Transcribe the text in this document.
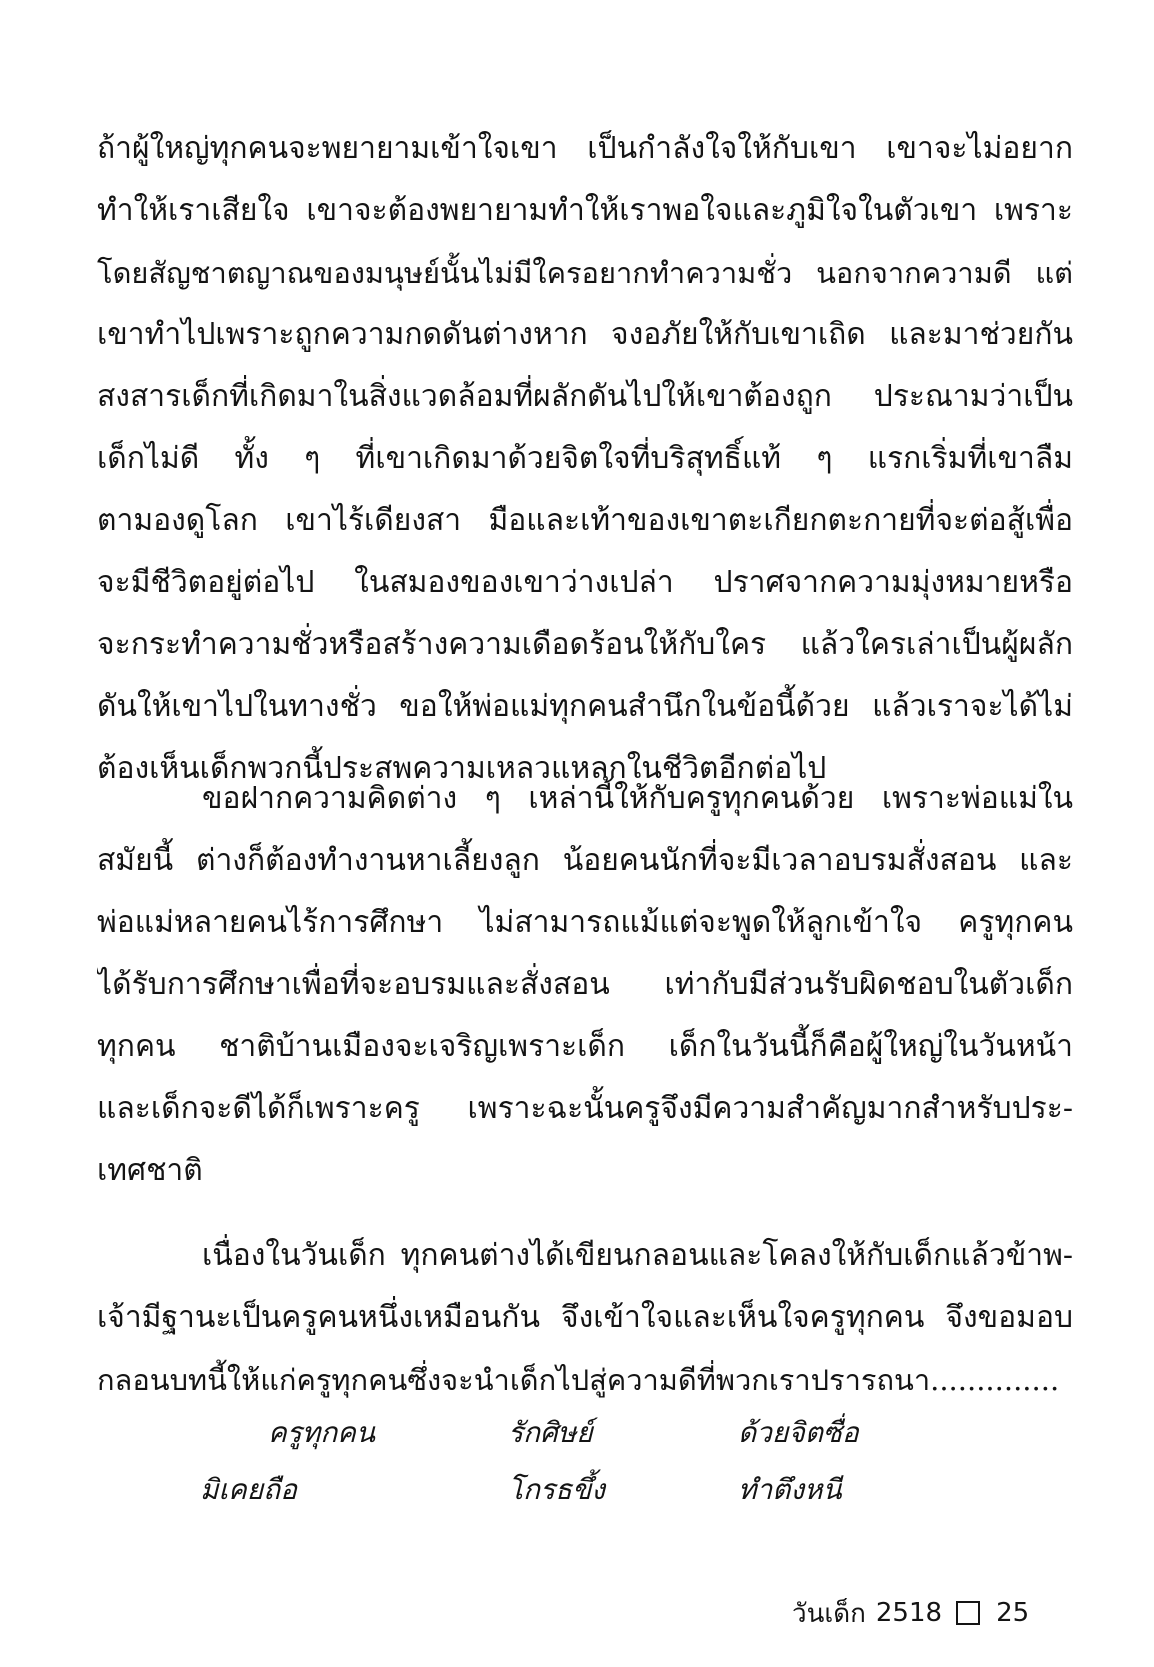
ถ้าผู้ใหญ่ทุกคนจะพยายามเข้าใจเขา เป็นกำลังใจให้กับเขา เขาจะไม่อยาก
ทำให้เราเสียใจ เขาจะต้องพยายามทำให้เราพอใจและภูมิใจในตัวเขา เพราะ
โดยสัญชาตญาณของมนุษย์นั้นไม่มีใครอยากทำความชั่ว นอกจากความดี แต่
เขาทำไปเพราะถูกความกดดันต่างหาก จงอภัยให้กับเขาเถิด และมาช่วยกัน
สงสารเด็กที่เกิดมาในสิ่งแวดล้อมที่ผลักดันไปให้เขาต้องถูก ประณามว่าเป็น
เด็กไม่ดี ทั้ง ๆ ที่เขาเกิดมาด้วยจิตใจที่บริสุทธิ์แท้ ๆ แรกเริ่มที่เขาลืม
ตามองดูโลก เขาไร้เดียงสา มือและเท้าของเขาตะเกียกตะกายที่จะต่อสู้เพื่อ
จะมีชีวิตอยู่ต่อไป ในสมองของเขาว่างเปล่า ปราศจากความมุ่งหมายหรือ
จะกระทำความชั่วหรือสร้างความเดือดร้อนให้กับใคร แล้วใครเล่าเป็นผู้ผลัก
ดันให้เขาไปในทางชั่ว ขอให้พ่อแม่ทุกคนสำนึกในข้อนี้ด้วย แล้วเราจะได้ไม่
ต้องเห็นเด็กพวกนี้ประสพความเหลวแหลกในชีวิตอีกต่อไป
ขอฝากความคิดต่าง ๆ เหล่านี้ให้กับครูทุกคนด้วย เพราะพ่อแม่ใน
สมัยนี้ ต่างก็ต้องทำงานหาเลี้ยงลูก น้อยคนนักที่จะมีเวลาอบรมสั่งสอน และ
พ่อแม่หลายคนไร้การศึกษา ไม่สามารถแม้แต่จะพูดให้ลูกเข้าใจ ครูทุกคน
ได้รับการศึกษาเพื่อที่จะอบรมและสั่งสอน เท่ากับมีส่วนรับผิดชอบในตัวเด็ก
ทุกคน ชาติบ้านเมืองจะเจริญเพราะเด็ก เด็กในวันนี้ก็คือผู้ใหญ่ในวันหน้า
และเด็กจะดีได้ก็เพราะครู เพราะฉะนั้นครูจึงมีความสำคัญมากสำหรับประ-
เทศชาติ
เนื่องในวันเด็ก ทุกคนต่างได้เขียนกลอนและโคลงให้กับเด็กแล้วข้าพ-
เจ้ามีฐานะเป็นครูคนหนึ่งเหมือนกัน จึงเข้าใจและเห็นใจครูทุกคน จึงขอมอบ
กลอนบทนี้ให้แก่ครูทุกคนซึ่งจะนำเด็กไปสู่ความดีที่พวกเราปรารถนา..............
ครูทุกคน	รักศิษย์	ด้วยจิตซื่อ
มิเคยถือ	โกรธขึ้ง	ทำตึงหนี
วันเด็ก 2518 25
